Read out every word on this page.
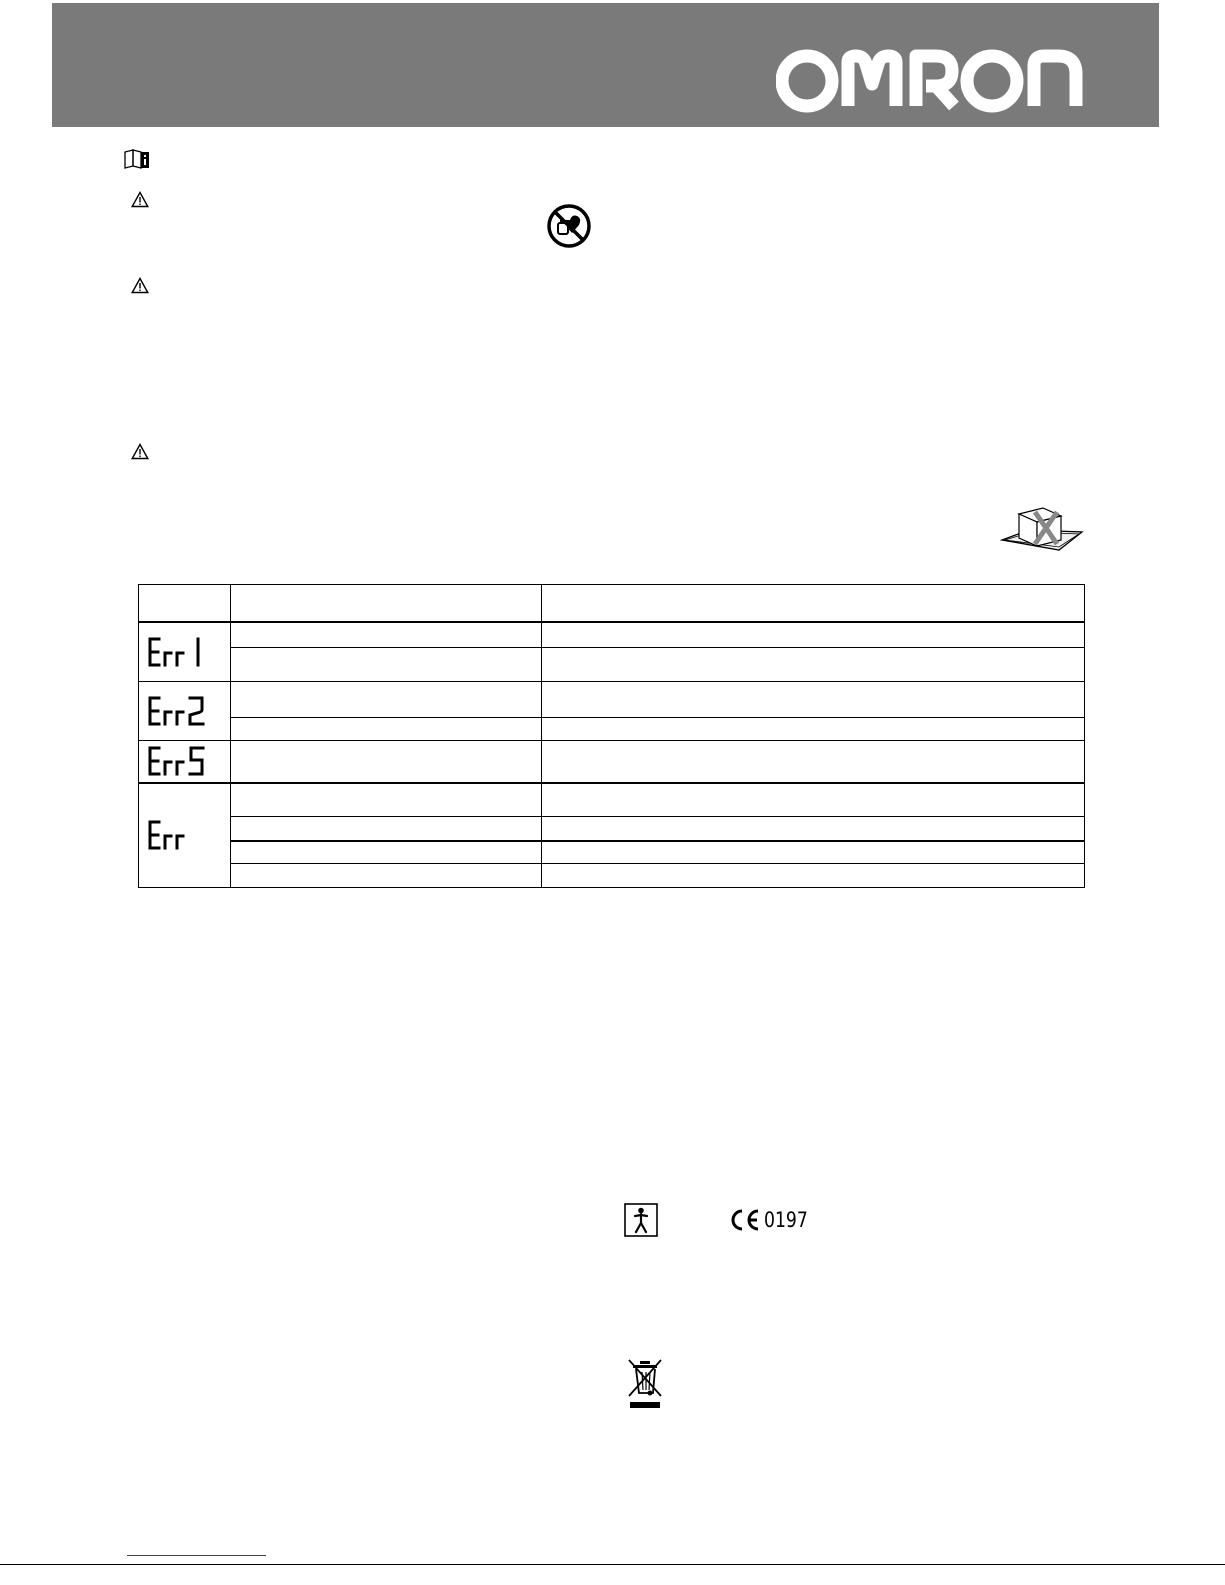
0197
